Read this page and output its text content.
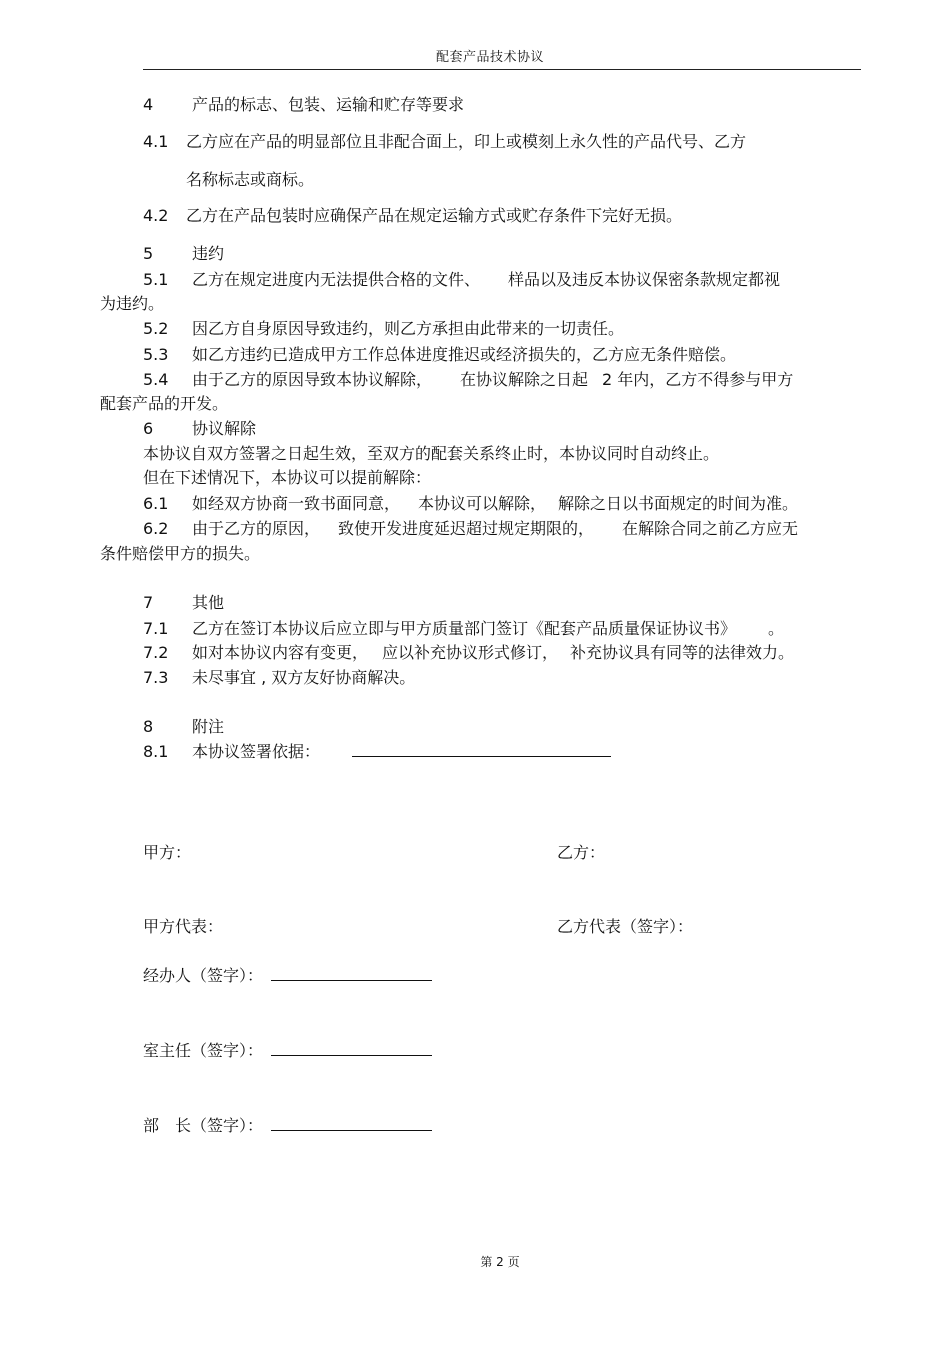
配套产品技术协议
4 产品的标志、包装、运输和贮存等要求
4.1 乙方应在产品的明显部位且非配合面上，印上或模刻上永久性的产品代号、乙方
名称标志或商标。
4.2 乙方在产品包装时应确保产品在规定运输方式或贮存条件下完好无损。
5 违约
5.1 乙方在规定进度内无法提供合格的文件、 样品以及违反本协议保密条款规定都视
为违约。
5.2 因乙方自身原因导致违约，则乙方承担由此带来的一切责任。
5.3 如乙方违约已造成甲方工作总体进度推迟或经济损失的，乙方应无条件赔偿。
5.4 由于乙方的原因导致本协议解除， 在协议解除之日起 2 年内，乙方不得参与甲方
配套产品的开发。
6 协议解除
本协议自双方签署之日起生效，至双方的配套关系终止时，本协议同时自动终止。
但在下述情况下，本协议可以提前解除：
6.1 如经双方协商一致书面同意， 本协议可以解除， 解除之日以书面规定的时间为准。
6.2 由于乙方的原因， 致使开发进度延迟超过规定期限的， 在解除合同之前乙方应无
条件赔偿甲方的损失。
7 其他
7.1 乙方在签订本协议后应立即与甲方质量部门签订《配套产品质量保证协议书》 。
7.2 如对本协议内容有变更， 应以补充协议形式修订， 补充协议具有同等的法律效力。
7.3 未尽事宜 , 双方友好协商解决。
8 附注
8.1 本协议签署依据：
甲方：	乙方：
甲方代表：	乙方代表（签字）：
经办人（签字）：
室主任（签字）：
部　长（签字）：
第 2 页
